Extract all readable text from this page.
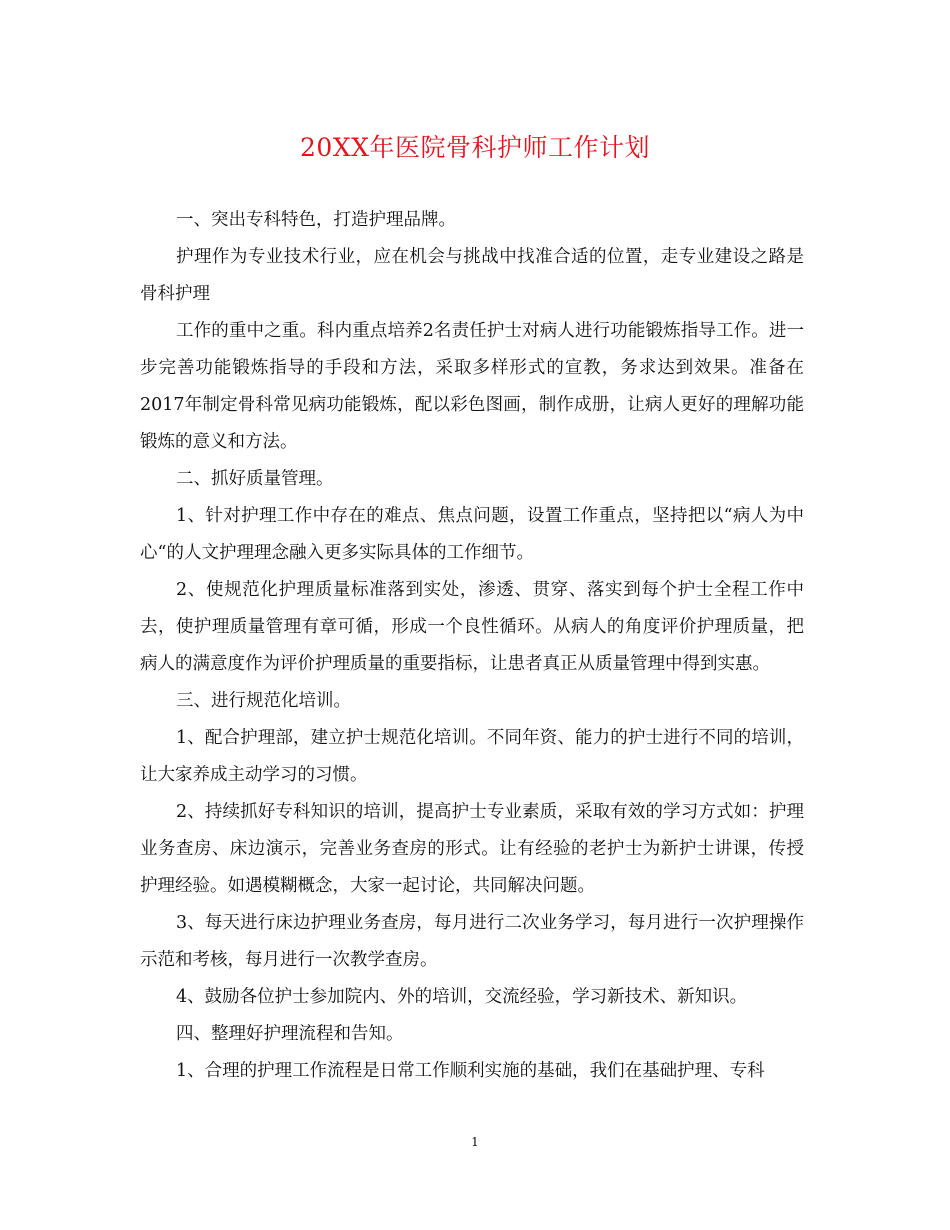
20XX年医院骨科护师工作计划

一、突出专科特色，打造护理品牌。

护理作为专业技术行业，应在机会与挑战中找准合适的位置，走专业建设之路是骨科护理

工作的重中之重。科内重点培养2名责任护士对病人进行功能锻炼指导工作。进一步完善功能锻炼指导的手段和方法，采取多样形式的宣教，务求达到效果。准备在2017年制定骨科常见病功能锻炼，配以彩色图画，制作成册，让病人更好的理解功能锻炼的意义和方法。

二、抓好质量管理。

1、针对护理工作中存在的难点、焦点问题，设置工作重点，坚持把以“病人为中心“的人文护理理念融入更多实际具体的工作细节。

2、使规范化护理质量标准落到实处，渗透、贯穿、落实到每个护士全程工作中去，使护理质量管理有章可循，形成一个良性循环。从病人的角度评价护理质量，把病人的满意度作为评价护理质量的重要指标，让患者真正从质量管理中得到实惠。

三、进行规范化培训。

1、配合护理部，建立护士规范化培训。不同年资、能力的护士进行不同的培训，让大家养成主动学习的习惯。

2、持续抓好专科知识的培训，提高护士专业素质，采取有效的学习方式如：护理业务查房、床边演示，完善业务查房的形式。让有经验的老护士为新护士讲课，传授护理经验。如遇模糊概念，大家一起讨论，共同解决问题。

3、每天进行床边护理业务查房，每月进行二次业务学习，每月进行一次护理操作示范和考核，每月进行一次教学查房。

4、鼓励各位护士参加院内、外的培训，交流经验，学习新技术、新知识。

四、整理好护理流程和告知。

1、合理的护理工作流程是日常工作顺利实施的基础，我们在基础护理、专科

1
